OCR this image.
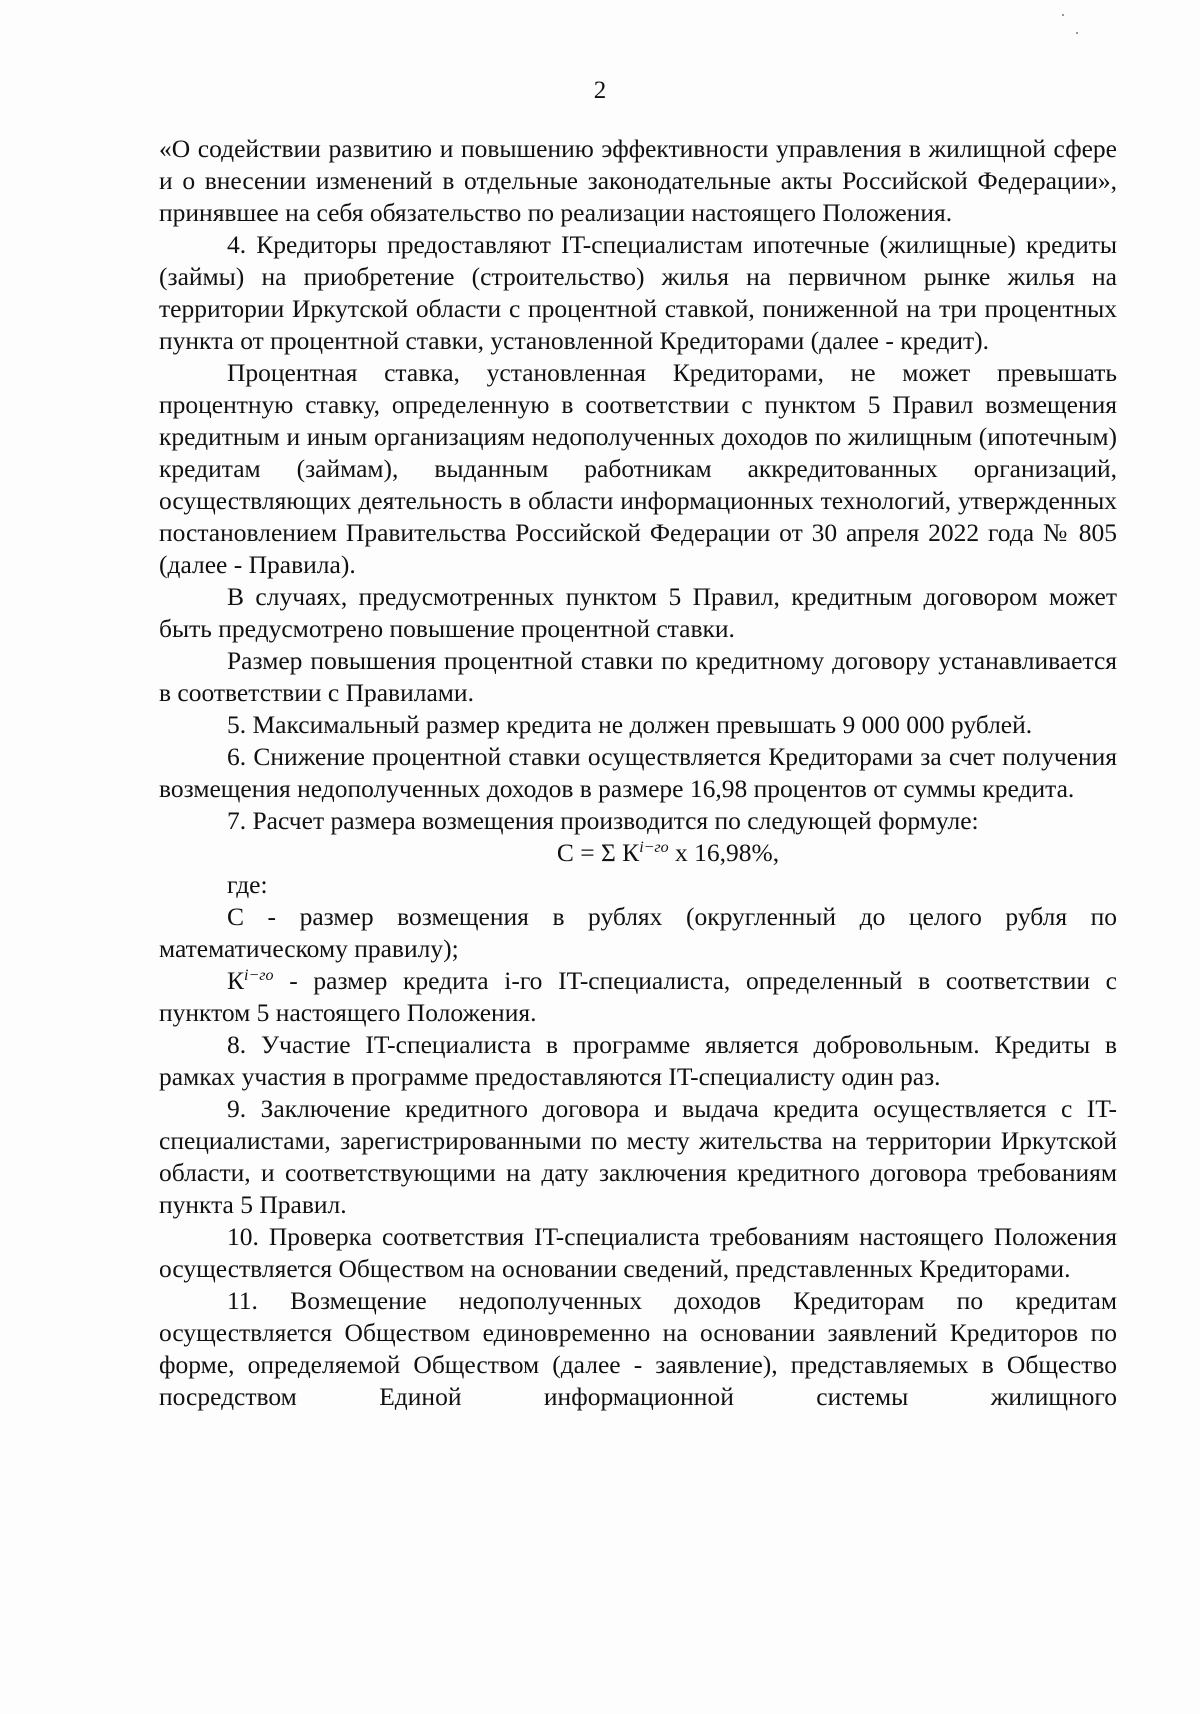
2

«О содействии развитию и повышению эффективности управления в жилищной сфере и о внесении изменений в отдельные законодательные акты Российской Федерации», принявшее на себя обязательство по реализации настоящего Положения.

4. Кредиторы предоставляют IT-специалистам ипотечные (жилищные) кредиты (займы) на приобретение (строительство) жилья на первичном рынке жилья на территории Иркутской области с процентной ставкой, пониженной на три процентных пункта от процентной ставки, установленной Кредиторами (далее - кредит).

Процентная ставка, установленная Кредиторами, не может превышать процентную ставку, определенную в соответствии с пунктом 5 Правил возмещения кредитным и иным организациям недополученных доходов по жилищным (ипотечным) кредитам (займам), выданным работникам аккредитованных организаций, осуществляющих деятельность в области информационных технологий, утвержденных постановлением Правительства Российской Федерации от 30 апреля 2022 года № 805 (далее - Правила).

В случаях, предусмотренных пунктом 5 Правил, кредитным договором может быть предусмотрено повышение процентной ставки.

Размер повышения процентной ставки по кредитному договору устанавливается в соответствии с Правилами.

5. Максимальный размер кредита не должен превышать 9 000 000 рублей.

6. Снижение процентной ставки осуществляется Кредиторами за счет получения возмещения недополученных доходов в размере 16,98 процентов от суммы кредита.

7. Расчет размера возмещения производится по следующей формуле:

С = Σ $К^{i-го}$ х 16,98%,

где:

С - размер возмещения в рублях (округленный до целого рубля по математическому правилу);

$К^{i-го}$ - размер кредита i-го IT-специалиста, определенный в соответствии с пунктом 5 настоящего Положения.

8. Участие IT-специалиста в программе является добровольным. Кредиты в рамках участия в программе предоставляются IT-специалисту один раз.

9. Заключение кредитного договора и выдача кредита осуществляется с IT-специалистами, зарегистрированными по месту жительства на территории Иркутской области, и соответствующими на дату заключения кредитного договора требованиям пункта 5 Правил.

10. Проверка соответствия IT-специалиста требованиям настоящего Положения осуществляется Обществом на основании сведений, представленных Кредиторами.

11. Возмещение недополученных доходов Кредиторам по кредитам осуществляется Обществом единовременно на основании заявлений Кредиторов по форме, определяемой Обществом (далее - заявление), представляемых в Общество посредством Единой информационной системы жилищного
